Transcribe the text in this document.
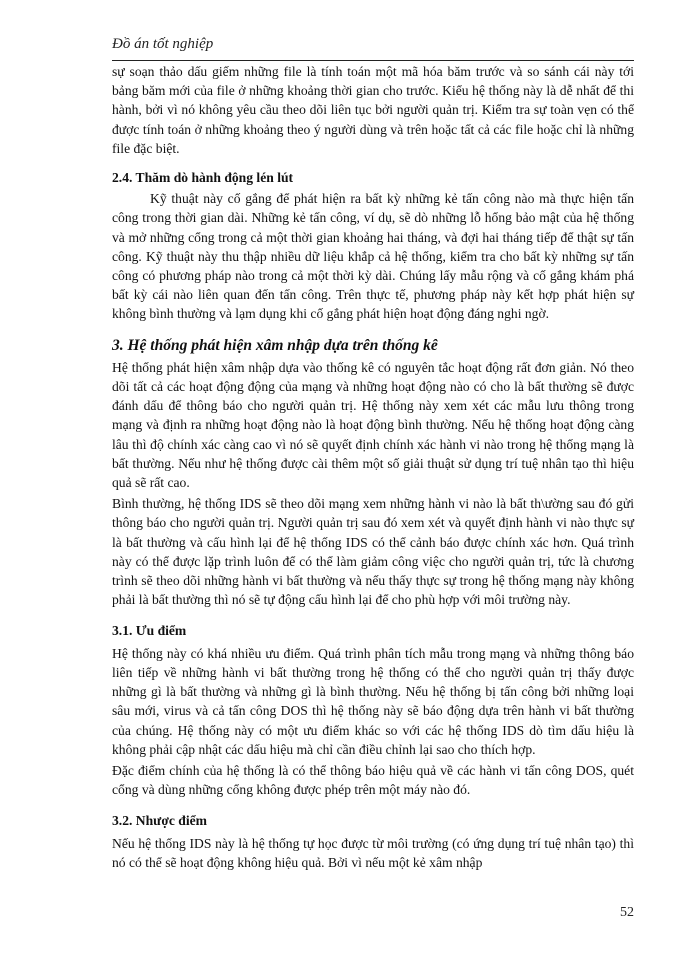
Đồ án tốt nghiệp

sự soạn thảo dấu giếm những file là tính toán một mã hóa băm trước và so sánh cái này tới bảng băm mới của file ở những khoảng thời gian cho trước. Kiểu hệ thống này là dễ nhất để thi hành, bởi vì nó không yêu cầu theo dõi liên tục bởi người quản trị. Kiểm tra sự toàn vẹn có thể được tính toán ở những khoảng theo ý người dùng và trên hoặc tất cả các file hoặc chỉ là những file đặc biệt.

2.4. Thăm dò hành động lén lút

Kỹ thuật này cố gắng để phát hiện ra bất kỳ những kẻ tấn công nào mà thực hiện tấn công trong thời gian dài. Những kẻ tấn công, ví dụ, sẽ dò những lỗ hổng bảo mật của hệ thống và mở những cổng trong cả một thời gian khoảng hai tháng, và đợi hai tháng tiếp để thật sự tấn công. Kỹ thuật này thu thập nhiều dữ liệu khắp cả hệ thống, kiểm tra cho bất kỳ những sự tấn công có phương pháp nào trong cả một thời kỳ dài. Chúng lấy mẫu rộng và cố gắng khám phá bất kỳ cái nào liên quan đến tấn công. Trên thực tế, phương pháp này kết hợp phát hiện sự không bình thường và lạm dụng khi cố gắng phát hiện hoạt động đáng nghi ngờ.

3. Hệ thống phát hiện xâm nhập dựa trên thống kê

Hệ thống phát hiện xâm nhập dựa vào thống kê có nguyên tắc hoạt động rất đơn giản. Nó theo dõi tất cả các hoạt động động của mạng và những hoạt động nào có cho là bất thường sẽ được đánh dấu để thông báo cho người quản trị. Hệ thống này xem xét các mẫu lưu thông trong mạng và định ra những hoạt động nào là hoạt động bình thường. Nếu hệ thống hoạt động càng lâu thì độ chính xác càng cao vì nó sẽ quyết định chính xác hành vi nào trong hệ thống mạng là bất thường. Nếu như hệ thống được cài thêm một số giải thuật sử dụng trí tuệ nhân tạo thì hiệu quả sẽ rất cao.

Bình thường, hệ thống IDS sẽ theo dõi mạng xem những hành vi nào là bất th\ường sau đó gửi thông báo cho người quản trị. Người quản trị sau đó xem xét và quyết định hành vi nào thực sự là bất thường và cấu hình lại để hệ thống IDS có thể cảnh báo được chính xác hơn. Quá trình này có thể được lặp trình luôn để có thể làm giảm công việc cho người quản trị, tức là chương trình sẽ theo dõi những hành vi bất thường và nếu thấy thực sự trong hệ thống mạng này không phải là bất thường thì nó sẽ tự động cấu hình lại để cho phù hợp với môi trường này.

3.1. Ưu điểm

Hệ thống này có khá nhiều ưu điểm. Quá trình phân tích mẫu trong mạng và những thông báo liên tiếp về những hành vi bất thường trong hệ thống có thể cho người quản trị thấy được những gì là bất thường và những gì là bình thường. Nếu hệ thống bị tấn công bởi những loại sâu mới, virus và cả tấn công DOS thì hệ thống này sẽ báo động dựa trên hành vi bất thường của chúng. Hệ thống này có một ưu điểm khác so với các hệ thống IDS dò tìm dấu hiệu là không phải cập nhật các dấu hiệu mà chỉ cần điều chỉnh lại sao cho thích hợp.

Đặc điểm chính của hệ thống là có thể thông báo hiệu quả về các hành vi tấn công DOS, quét cổng và dùng những cổng không được phép trên một máy nào đó.

3.2. Nhược điểm

Nếu hệ thống IDS này là hệ thống tự học được từ môi trường (có ứng dụng trí tuệ nhân tạo) thì nó có thể sẽ hoạt động không hiệu quả. Bởi vì nếu một kẻ xâm nhập

52
